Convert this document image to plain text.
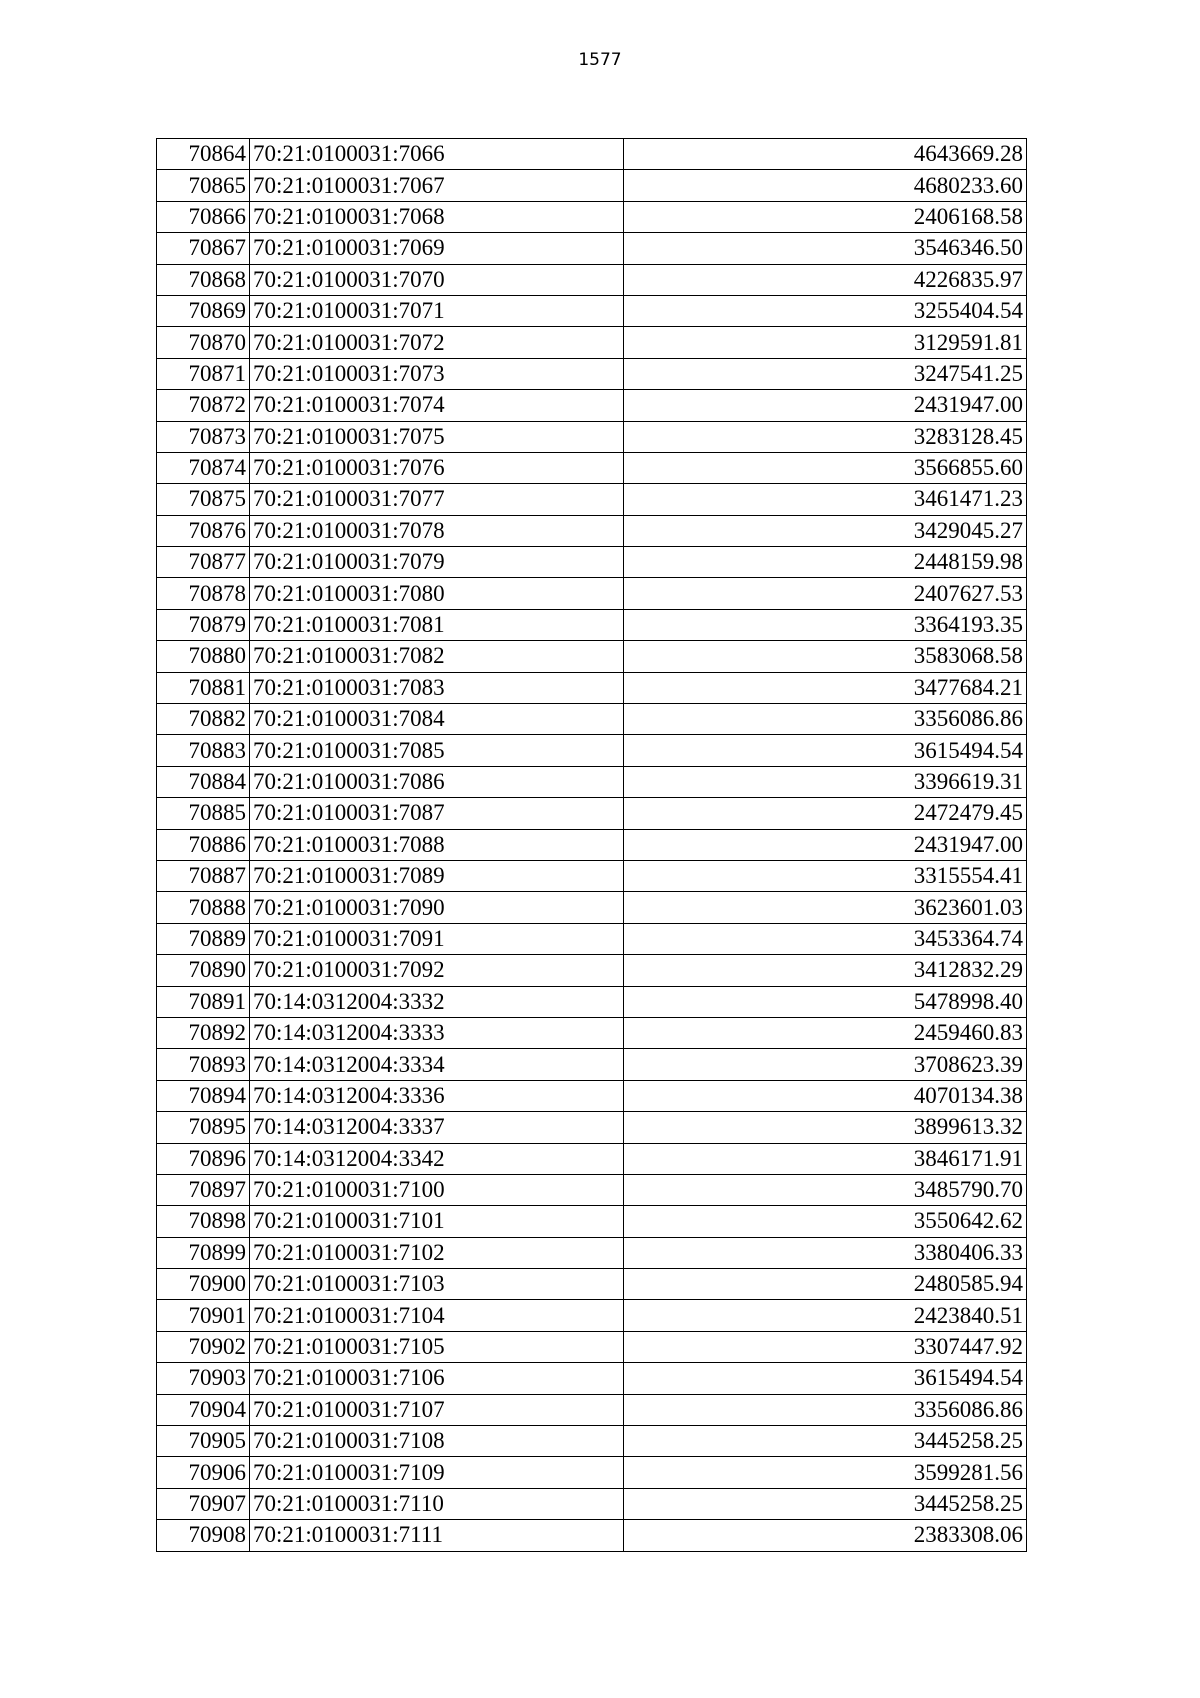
1577
70864	70:21:0100031:7066	4643669.28
70865	70:21:0100031:7067	4680233.60
70866	70:21:0100031:7068	2406168.58
70867	70:21:0100031:7069	3546346.50
70868	70:21:0100031:7070	4226835.97
70869	70:21:0100031:7071	3255404.54
70870	70:21:0100031:7072	3129591.81
70871	70:21:0100031:7073	3247541.25
70872	70:21:0100031:7074	2431947.00
70873	70:21:0100031:7075	3283128.45
70874	70:21:0100031:7076	3566855.60
70875	70:21:0100031:7077	3461471.23
70876	70:21:0100031:7078	3429045.27
70877	70:21:0100031:7079	2448159.98
70878	70:21:0100031:7080	2407627.53
70879	70:21:0100031:7081	3364193.35
70880	70:21:0100031:7082	3583068.58
70881	70:21:0100031:7083	3477684.21
70882	70:21:0100031:7084	3356086.86
70883	70:21:0100031:7085	3615494.54
70884	70:21:0100031:7086	3396619.31
70885	70:21:0100031:7087	2472479.45
70886	70:21:0100031:7088	2431947.00
70887	70:21:0100031:7089	3315554.41
70888	70:21:0100031:7090	3623601.03
70889	70:21:0100031:7091	3453364.74
70890	70:21:0100031:7092	3412832.29
70891	70:14:0312004:3332	5478998.40
70892	70:14:0312004:3333	2459460.83
70893	70:14:0312004:3334	3708623.39
70894	70:14:0312004:3336	4070134.38
70895	70:14:0312004:3337	3899613.32
70896	70:14:0312004:3342	3846171.91
70897	70:21:0100031:7100	3485790.70
70898	70:21:0100031:7101	3550642.62
70899	70:21:0100031:7102	3380406.33
70900	70:21:0100031:7103	2480585.94
70901	70:21:0100031:7104	2423840.51
70902	70:21:0100031:7105	3307447.92
70903	70:21:0100031:7106	3615494.54
70904	70:21:0100031:7107	3356086.86
70905	70:21:0100031:7108	3445258.25
70906	70:21:0100031:7109	3599281.56
70907	70:21:0100031:7110	3445258.25
70908	70:21:0100031:7111	2383308.06
